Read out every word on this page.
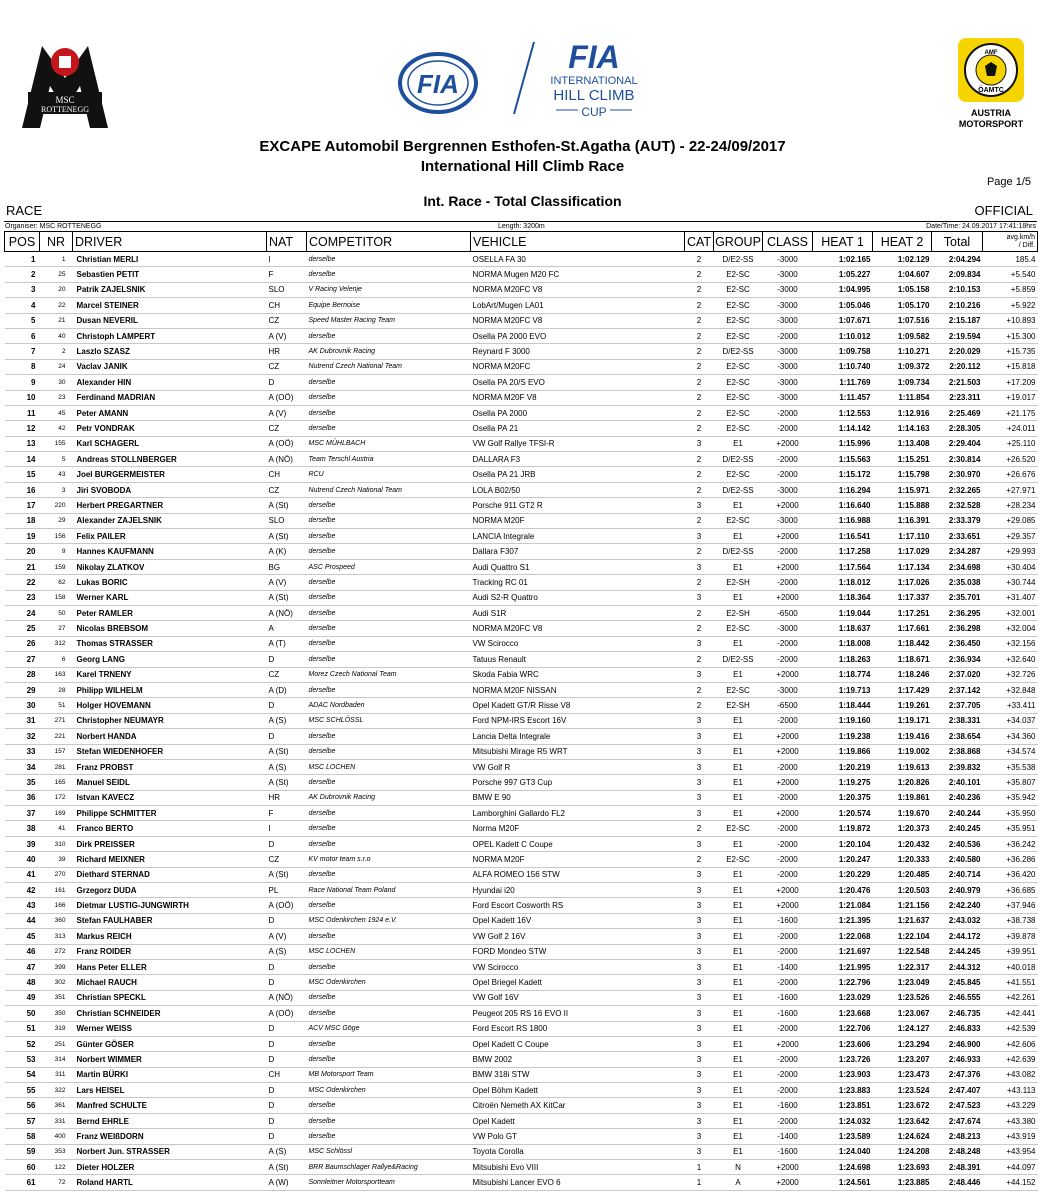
MSC
ROTTENEGG
FIA
FIA
INTERNATIONAL
HILL CLIMB
CUP
AMF
ÖAMTC
AUSTRIA
MOTORSPORT
EXCAPE Automobil Bergrennen Esthofen-St.Agatha (AUT) - 22-24/09/2017
International Hill Climb Race
Page 1/5
Int. Race - Total Classification
RACE	OFFICIAL
Organiser: MSC ROTTENEGG	Length: 3200m	Date/Time: 24.09.2017 17:41:18hrs
POS	NR	DRIVER	NAT	COMPETITOR	VEHICLE	CAT	GROUP	CLASS	HEAT 1	HEAT 2	Total	avg.km/h
/ Diff.
1	1	Christian MERLI	I	derselbe	OSELLA FA 30	2	D/E2-SS	-3000	1:02.165	1:02.129	2:04.294	185.4
2	25	Sebastien PETIT	F	derselbe	NORMA Mugen M20 FC	2	E2-SC	-3000	1:05.227	1:04.607	2:09.834	+5.540
3	20	Patrik ZAJELSNIK	SLO	V Racing Velenje	NORMA M20FC V8	2	E2-SC	-3000	1:04.995	1:05.158	2:10.153	+5.859
4	22	Marcel STEINER	CH	Equipe Bernoise	LobArt/Mugen LA01	2	E2-SC	-3000	1:05.046	1:05.170	2:10.216	+5.922
5	21	Dusan NEVERIL	CZ	Speed Master Racing Team	NORMA M20FC V8	2	E2-SC	-3000	1:07.671	1:07.516	2:15.187	+10.893
6	40	Christoph LAMPERT	A (V)	derselbe	Osella PA 2000 EVO	2	E2-SC	-2000	1:10.012	1:09.582	2:19.594	+15.300
7	2	Laszlo SZASZ	HR	AK Dubrovnik Racing	Reynard F 3000	2	D/E2-SS	-3000	1:09.758	1:10.271	2:20.029	+15.735
8	24	Vaclav JANIK	CZ	Nutrend Czech National Team	NORMA M20FC	2	E2-SC	-3000	1:10.740	1:09.372	2:20.112	+15.818
9	30	Alexander HIN	D	derselbe	Osella PA 20/S EVO	2	E2-SC	-3000	1:11.769	1:09.734	2:21.503	+17.209
10	23	Ferdinand MADRIAN	A (OÖ)	derselbe	NORMA M20F V8	2	E2-SC	-3000	1:11.457	1:11.854	2:23.311	+19.017
11	45	Peter AMANN	A (V)	derselbe	Osella PA 2000	2	E2-SC	-2000	1:12.553	1:12.916	2:25.469	+21.175
12	42	Petr VONDRAK	CZ	derselbe	Osella PA 21	2	E2-SC	-2000	1:14.142	1:14.163	2:28.305	+24.011
13	155	Karl SCHAGERL	A (OÖ)	MSC MÜHLBACH	VW Golf Rallye TFSI-R	3	E1	+2000	1:15.996	1:13.408	2:29.404	+25.110
14	5	Andreas STOLLNBERGER	A (NÖ)	Team Terschl Austria	DALLARA F3	2	D/E2-SS	-2000	1:15.563	1:15.251	2:30.814	+26.520
15	43	Joel BURGERMEISTER	CH	RCU	Osella PA 21 JRB	2	E2-SC	-2000	1:15.172	1:15.798	2:30.970	+26.676
16	3	Jiri SVOBODA	CZ	Nutrend Czech National Team	LOLA B02/50	2	D/E2-SS	-3000	1:16.294	1:15.971	2:32.265	+27.971
17	220	Herbert PREGARTNER	A (St)	derselbe	Porsche 911 GT2 R	3	E1	+2000	1:16.640	1:15.888	2:32.528	+28.234
18	29	Alexander ZAJELSNIK	SLO	derselbe	NORMA M20F	2	E2-SC	-3000	1:16.988	1:16.391	2:33.379	+29.085
19	156	Felix PAILER	A (St)	derselbe	LANCIA Integrale	3	E1	+2000	1:16.541	1:17.110	2:33.651	+29.357
20	9	Hannes KAUFMANN	A (K)	derselbe	Dallara F307	2	D/E2-SS	-2000	1:17.258	1:17.029	2:34.287	+29.993
21	159	Nikolay ZLATKOV	BG	ASC Prospeed	Audi Quattro S1	3	E1	+2000	1:17.564	1:17.134	2:34.698	+30.404
22	62	Lukas BORIC	A (V)	derselbe	Tracking RC 01	2	E2-SH	-2000	1:18.012	1:17.026	2:35.038	+30.744
23	158	Werner KARL	A (St)	derselbe	Audi S2-R Quattro	3	E1	+2000	1:18.364	1:17.337	2:35.701	+31.407
24	50	Peter RAMLER	A (NÖ)	derselbe	Audi S1R	2	E2-SH	-6500	1:19.044	1:17.251	2:36.295	+32.001
25	27	Nicolas BREBSOM	A	derselbe	NORMA M20FC V8	2	E2-SC	-3000	1:18.637	1:17.661	2:36.298	+32.004
26	312	Thomas STRASSER	A (T)	derselbe	VW Scirocco	3	E1	-2000	1:18.008	1:18.442	2:36.450	+32.156
27	6	Georg LANG	D	derselbe	Tatuus Renault	2	D/E2-SS	-2000	1:18.263	1:18.671	2:36.934	+32.640
28	163	Karel TRNENY	CZ	Morez Czech National Team	Skoda Fabia WRC	3	E1	+2000	1:18.774	1:18.246	2:37.020	+32.726
29	28	Philipp WILHELM	A (D)	derselbe	NORMA M20F NISSAN	2	E2-SC	-3000	1:19.713	1:17.429	2:37.142	+32.848
30	51	Holger HOVEMANN	D	ADAC Nordbaden	Opel Kadett GT/R Risse V8	2	E2-SH	-6500	1:18.444	1:19.261	2:37.705	+33.411
31	271	Christopher NEUMAYR	A (S)	MSC SCHLÖSSL	Ford NPM-IRS Escort 16V	3	E1	-2000	1:19.160	1:19.171	2:38.331	+34.037
32	221	Norbert HANDA	D	derselbe	Lancia Delta Integrale	3	E1	+2000	1:19.238	1:19.416	2:38.654	+34.360
33	157	Stefan WIEDENHOFER	A (St)	derselbe	Mitsubishi Mirage R5 WRT	3	E1	+2000	1:19.866	1:19.002	2:38.868	+34.574
34	281	Franz PROBST	A (S)	MSC LOCHEN	VW Golf R	3	E1	-2000	1:20.219	1:19.613	2:39.832	+35.538
35	165	Manuel SEIDL	A (St)	derselbe	Porsche 997 GT3 Cup	3	E1	+2000	1:19.275	1:20.826	2:40.101	+35.807
36	172	Istvan KAVECZ	HR	AK Dubrovnik Racing	BMW E 90	3	E1	-2000	1:20.375	1:19.861	2:40.236	+35.942
37	169	Philippe SCHMITTER	F	derselbe	Lamborghini Gallardo FL2	3	E1	+2000	1:20.574	1:19.670	2:40.244	+35.950
38	41	Franco BERTO	I	derselbe	Norma M20F	2	E2-SC	-2000	1:19.872	1:20.373	2:40.245	+35.951
39	310	Dirk PREISSER	D	derselbe	OPEL Kadett C Coupe	3	E1	-2000	1:20.104	1:20.432	2:40.536	+36.242
40	39	Richard MEIXNER	CZ	KV motor team s.r.o	NORMA M20F	2	E2-SC	-2000	1:20.247	1:20.333	2:40.580	+36.286
41	270	Diethard STERNAD	A (St)	derselbe	ALFA ROMEO 156 STW	3	E1	-2000	1:20.229	1:20.485	2:40.714	+36.420
42	161	Grzegorz DUDA	PL	Race National Team Poland	Hyundai i20	3	E1	+2000	1:20.476	1:20.503	2:40.979	+36.685
43	166	Dietmar LUSTIG-JUNGWIRTH	A (OÖ)	derselbe	Ford Escort Cosworth RS	3	E1	+2000	1:21.084	1:21.156	2:42.240	+37.946
44	360	Stefan FAULHABER	D	MSC Odenkirchen 1924 e.V.	Opel Kadett 16V	3	E1	-1600	1:21.395	1:21.637	2:43.032	+38.738
45	313	Markus REICH	A (V)	derselbe	VW Golf 2 16V	3	E1	-2000	1:22.068	1:22.104	2:44.172	+39.878
46	272	Franz ROIDER	A (S)	MSC LOCHEN	FORD Mondeo STW	3	E1	-2000	1:21.697	1:22.548	2:44.245	+39.951
47	399	Hans Peter ELLER	D	derselbe	VW Scirocco	3	E1	-1400	1:21.995	1:22.317	2:44.312	+40.018
48	302	Michael RAUCH	D	MSC Odenkirchen	Opel Briegel Kadett	3	E1	-2000	1:22.796	1:23.049	2:45.845	+41.551
49	351	Christian SPECKL	A (NÖ)	derselbe	VW Golf 16V	3	E1	-1600	1:23.029	1:23.526	2:46.555	+42.261
50	350	Christian SCHNEIDER	A (OÖ)	derselbe	Peugeot 205 RS 16 EVO II	3	E1	-1600	1:23.668	1:23.067	2:46.735	+42.441
51	319	Werner WEISS	D	ACV MSC Göge	Ford Escort RS 1800	3	E1	-2000	1:22.706	1:24.127	2:46.833	+42.539
52	251	Günter GÖSER	D	derselbe	Opel Kadett C Coupe	3	E1	+2000	1:23.606	1:23.294	2:46.900	+42.606
53	314	Norbert WIMMER	D	derselbe	BMW 2002	3	E1	-2000	1:23.726	1:23.207	2:46.933	+42.639
54	311	Martin BÜRKI	CH	MB Motorsport Team	BMW 318i STW	3	E1	-2000	1:23.903	1:23.473	2:47.376	+43.082
55	322	Lars HEISEL	D	MSC Odenkirchen	Opel Böhm Kadett	3	E1	-2000	1:23.883	1:23.524	2:47.407	+43.113
56	361	Manfred SCHULTE	D	derselbe	Citroën Nemeth AX KitCar	3	E1	-1600	1:23.851	1:23.672	2:47.523	+43.229
57	331	Bernd EHRLE	D	derselbe	Opel Kadett	3	E1	-2000	1:24.032	1:23.642	2:47.674	+43.380
58	400	Franz WEIßDORN	D	derselbe	VW Polo GT	3	E1	-1400	1:23.589	1:24.624	2:48.213	+43.919
59	353	Norbert Jun. STRASSER	A (S)	MSC Schlössl	Toyota Corolla	3	E1	-1600	1:24.040	1:24.208	2:48.248	+43.954
60	122	Dieter HOLZER	A (St)	BRR Baumschlager Rallye&Racing	Mitsubishi Evo VIII	1	N	+2000	1:24.698	1:23.693	2:48.391	+44.097
61	72	Roland HARTL	A (W)	Sonnleitner Motorsportteam	Mitsubishi Lancer EVO 6	1	A	+2000	1:24.561	1:23.885	2:48.446	+44.152
